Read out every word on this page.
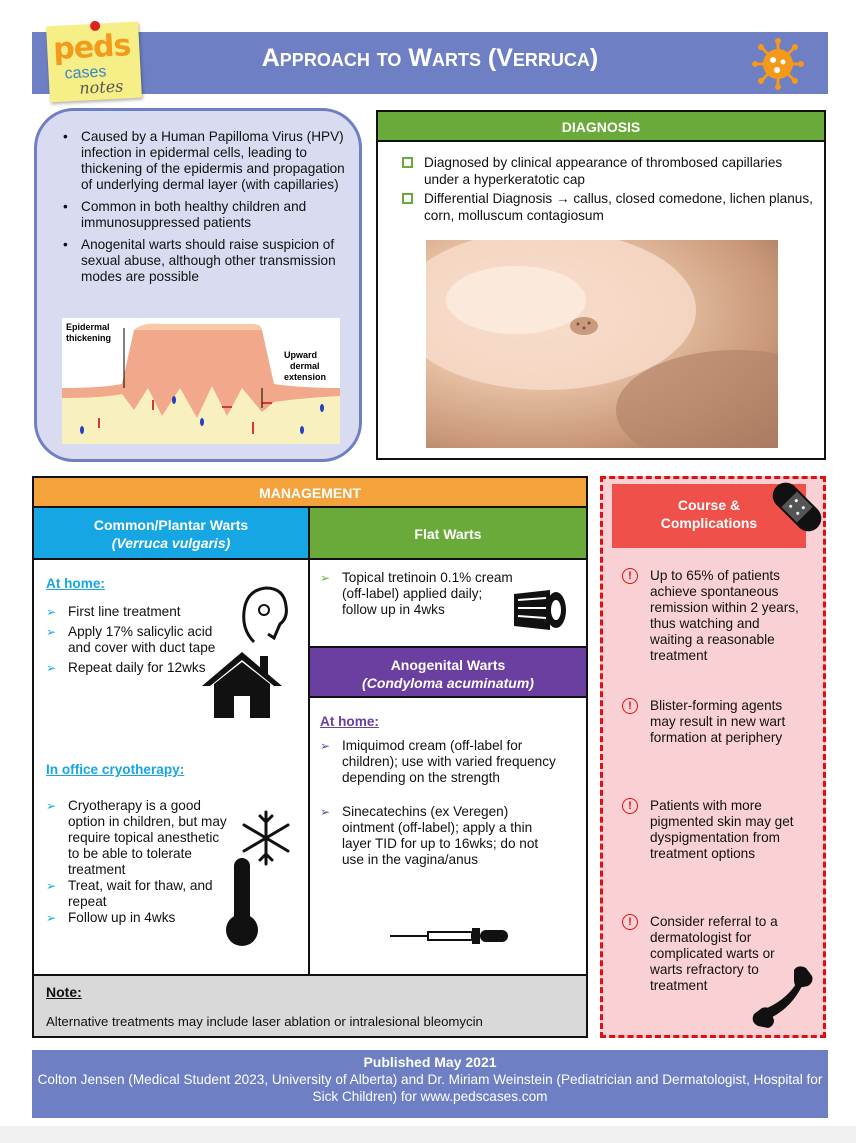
peds
cases
notes
Approach to Warts (Verruca)
• Caused by a Human Papilloma Virus (HPV) infection in epidermal cells, leading to thickening of the epidermis and propagation of underlying dermal layer (with capillaries)
• Common in both healthy children and immunosuppressed patients
• Anogenital warts should raise suspicion of sexual abuse, although other transmission modes are possible
Epidermal
thickening
Upward
dermal
extension
Diagnosed by clinical appearance of thrombosed capillaries under a hyperkeratotic cap
Differential Diagnosis → callus, closed comedone, lichen planus, corn, molluscum contagiosum
DIAGNOSIS
MANAGEMENT
Common/Plantar Warts
(Verruca vulgaris)
Flat Warts
At home:
➢ First line treatment
➢ Apply 17% salicylic acid and cover with duct tape
➢ Repeat daily for 12wks
In office cryotherapy:
➢ Cryotherapy is a good option in children, but may require topical anesthetic to be able to tolerate treatment
➢ Treat, wait for thaw, and repeat
➢ Follow up in 4wks
➢ Topical tretinoin 0.1% cream (off-label) applied daily; follow up in 4wks
Anogenital Warts
(Condyloma acuminatum)
At home:
➢ Imiquimod cream (off-label for children); use with varied frequency depending on the strength
➢ Sinecatechins (ex Veregen) ointment (off-label); apply a thin layer TID for up to 16wks; do not use in the vagina/anus
Note:
Alternative treatments may include laser ablation or intralesional bleomycin
Course &
Complications
!	Up to 65% of patients achieve spontaneous remission within 2 years, thus watching and waiting a reasonable treatment
!	Blister-forming agents may result in new wart formation at periphery
!	Patients with more pigmented skin may get dyspigmentation from treatment options
!	Consider referral to a dermatologist for complicated warts or warts refractory to treatment
Published May 2021
Colton Jensen (Medical Student 2023, University of Alberta) and Dr. Miriam Weinstein (Pediatrician and Dermatologist, Hospital for Sick Children) for www.pedscases.com
